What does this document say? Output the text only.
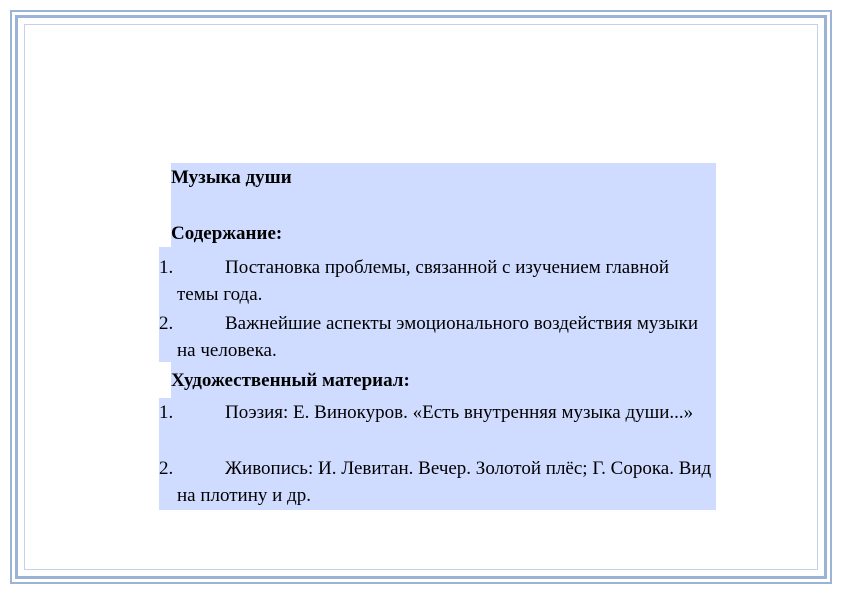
Музыка души
Содержание:
1.	Постановка проблемы, связанной с изучением главной темы года.
2.	Важнейшие аспекты эмоционального воздействия музыки на человека.
Художественный материал:
1.	Поэзия: Е. Винокуров. «Есть внутренняя музыка души...»
2.	Живопись: И. Левитан. Вечер. Золотой плёс; Г. Сорока. Вид на плотину и др.
